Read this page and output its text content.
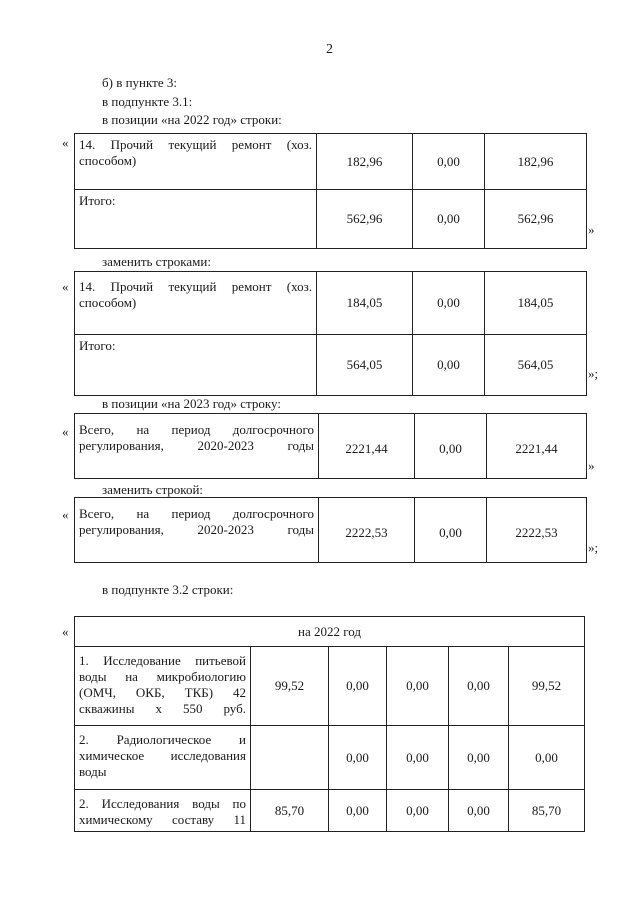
2
б) в пункте 3:
в подпункте 3.1:
в позиции «на 2022 год» строки:
« 14. Прочий текущий ремонт (хоз. способом)	182,96	0,00	182,96
Итого:	562,96	0,00	562,96
»
заменить строками:
« 14. Прочий текущий ремонт (хоз. способом)	184,05	0,00	184,05
Итого:	564,05	0,00	564,05
»;
в позиции «на 2023 год» строку:
« Всего, на период долгосрочного регулирования, 2020-2023 годы	2221,44	0,00	2221,44
»
заменить строкой:
« Всего, на период долгосрочного регулирования, 2020-2023 годы	2222,53	0,00	2222,53
»;
в подпункте 3.2 строки:
«	на 2022 год					
1. Исследование питьевой воды на микробиологию (ОМЧ, ОКБ, ТКБ) 42 скважины х 550 руб.	99,52	0,00	0,00	0,00	99,52
2. Радиологическое и химическое исследования воды		0,00	0,00	0,00	0,00
2. Исследования воды по химическому составу 11	85,70	0,00	0,00	0,00	85,70
